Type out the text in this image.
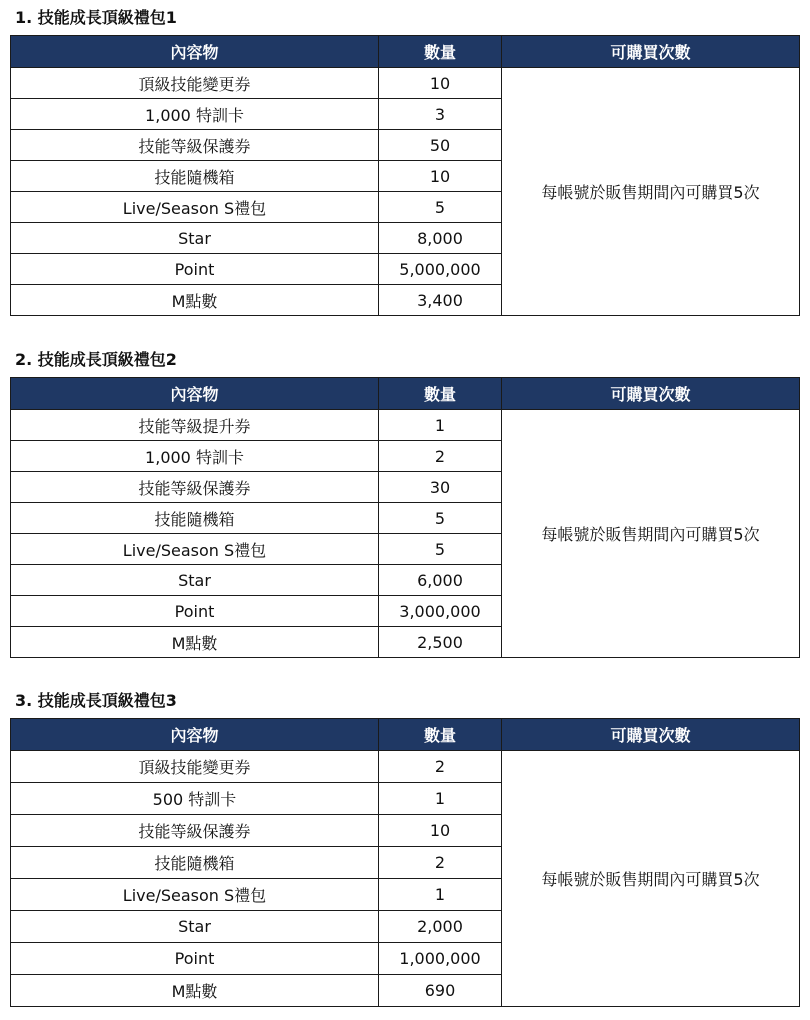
1. 技能成長頂級禮包1
內容物	數量	可購買次數
頂級技能變更券	10	每帳號於販售期間內可購買5次
1,000 特訓卡	3	
技能等級保護券	50	
技能隨機箱	10	
Live/Season S禮包	5	
Star	8,000	
Point	5,000,000	
M點數	3,400	
2. 技能成長頂級禮包2
內容物	數量	可購買次數
技能等級提升券	1	每帳號於販售期間內可購買5次
1,000 特訓卡	2	
技能等級保護券	30	
技能隨機箱	5	
Live/Season S禮包	5	
Star	6,000	
Point	3,000,000	
M點數	2,500	
3. 技能成長頂級禮包3
內容物	數量	可購買次數
頂級技能變更券	2	每帳號於販售期間內可購買5次
500 特訓卡	1	
技能等級保護券	10	
技能隨機箱	2	
Live/Season S禮包	1	
Star	2,000	
Point	1,000,000	
M點數	690	
